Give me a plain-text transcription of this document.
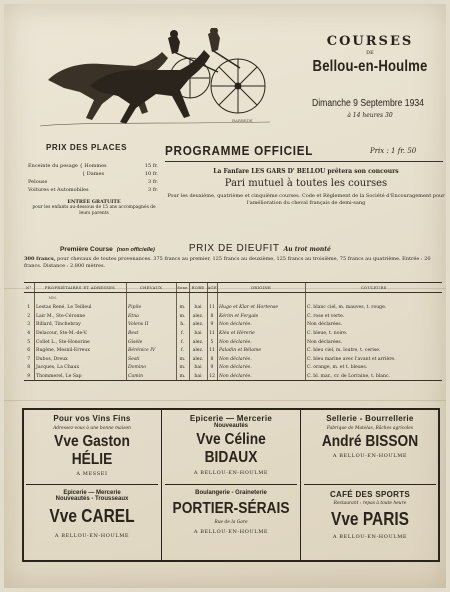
BARBEDE
COURSES
DE
Bellou-en-Houlme
Dimanche 9 Septembre 1934
à 14 heures 30
PRIX DES PLACES
Enceinte du pesage { Hommes	15 fr.
{ Dames	10 fr.
Pelouse	3 fr.
Voitures et Automobiles	3 fr.
ENTRÉE GRATUITE
pour les enfants au-dessous de 15 ans accompagnés de leurs parents
PROGRAMME OFFICIEL	Prix : 1 fr. 50
La Fanfare LES GARS D' BELLOU prêtera son concours
Pari mutuel à toutes les courses
Pour les deuxième, quatrième et cinquième courses. Code et Règlement de la Société d'Encouragement pour l'amélioration du cheval français de demi-sang
Première Course (non officielle)	PRIX DE DIEUFIT Au trot monté
300 francs, pour chevaux de toutes provenances. 375 francs au premier, 125 francs au deuxième, 125 francs au troisième, 75 francs au quatrième. Entrée : 20 francs. Distance : 2.800 mètres.
N°	PROPRIÉTAIRES ET ADRESSES	CHEVAUX	Sexe	ROBE	AGE	ORIGINE	COULEURS
	MM.						
1	Lestas René, Le Teilleul	Pipile	m.	bai	11	Hugo et Klar et Hortense	C. blanc ciel, m. mauves, t. rouge.
2	Lair M., Ste-Céronne	Etna	m.	alez.	8	Kérim et Fergale	C. rose et verte.
3	Billard, Tinchebray	Volens II	h.	alez.	9	Non déclarée.	Non déclarées.
4	Delacour, Ste-M.-de-V.	Best	f.	bai	11	Kléa et Hérerie	C. bleue, t. noire.
5	Collet L., Ste-Honorine	Gisèle	f.	alez.	5	Non déclarée.	Non déclarées.
6	Rugène, Mesnil-Erreux	Bérénice IV	f.	alez.	11	Paladin et Bélame	C. bleu ciel, m. loutre, t. cerise.
7	Dubos, Dreux	Sesti	m.	alez.	8	Non déclarée.	C. bleu marine avec l'avant et arrière.
8	Jacques, La Chaux	Domino	m.	bai	9	Non déclarée.	C. orange, m. et t. bleues.
9	Thommerel, Le Sap	Camin	m.	bai	12	Non déclarée.	C. bl. mar., cr. de Lorraine, t. blanc.
Pour vos Vins Fins
Adressez-vous à une bonne maison
Vve Gaston HÉLIE
A MESSEI
Epicerie — Mercerie
Nouveautés
Vve Céline BIDAUX
A BELLOU-EN-HOULME
Sellerie - Bourrellerie
Fabrique de Matelas, Bâches agricoles
André BISSON
A BELLOU-EN-HOULME
Epicerie — Mercerie
Nouveautés - Trousseaux
Vve CAREL
A BELLOU-EN-HOULME
Boulangerie - Graineterie
PORTIER-SÉRAIS
Rue de la Gare
A BELLOU-EN-HOULME
CAFÉ DES SPORTS
Restaurant : repas à toute heure
Vve PARIS
A BELLOU-EN-HOULME
